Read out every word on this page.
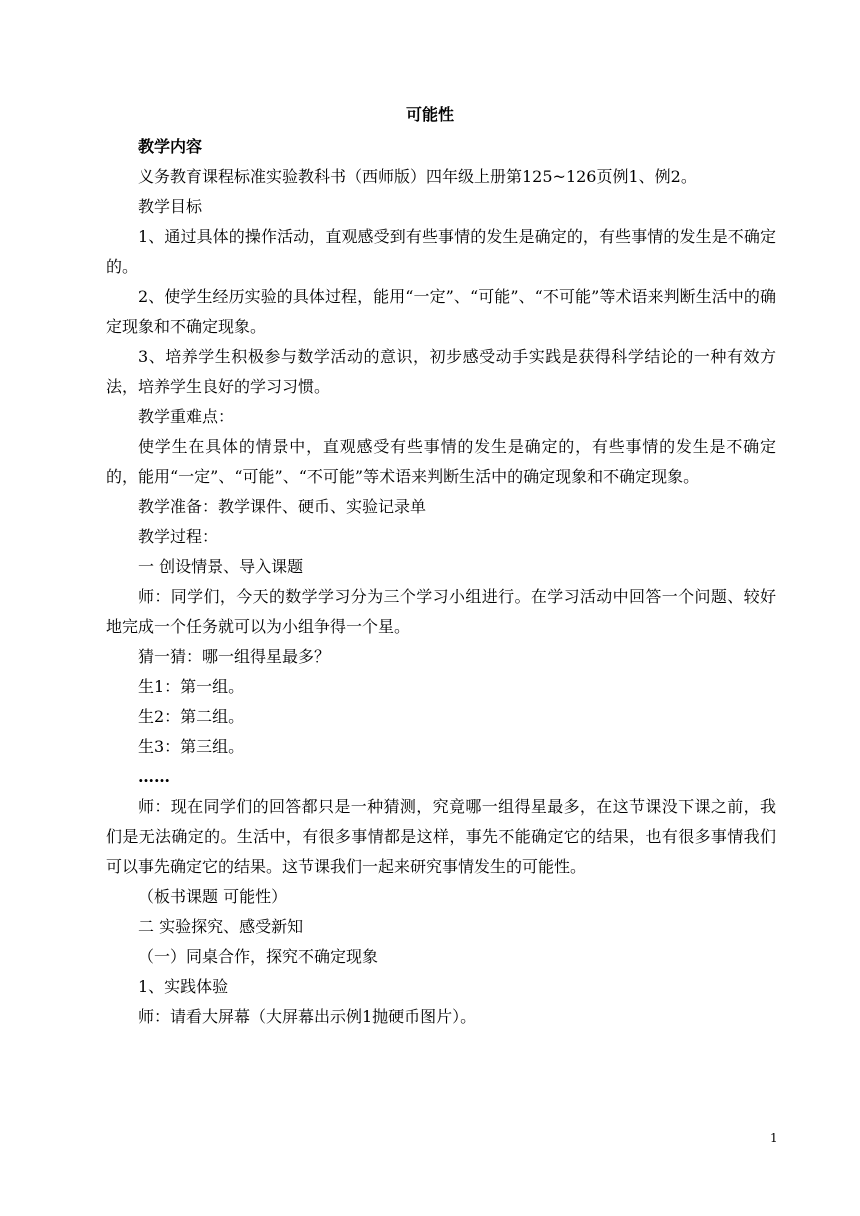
可能性

教学内容

义务教育课程标准实验教科书（西师版）四年级上册第125~126页例1、例2。

教学目标

1、通过具体的操作活动，直观感受到有些事情的发生是确定的，有些事情的发生是不确定的。

2、使学生经历实验的具体过程，能用“一定”、“可能”、“不可能”等术语来判断生活中的确定现象和不确定现象。

3、培养学生积极参与数学活动的意识，初步感受动手实践是获得科学结论的一种有效方法，培养学生良好的学习习惯。

教学重难点：

使学生在具体的情景中，直观感受有些事情的发生是确定的，有些事情的发生是不确定的，能用“一定”、“可能”、“不可能”等术语来判断生活中的确定现象和不确定现象。

教学准备：教学课件、硬币、实验记录单

教学过程：

一 创设情景、导入课题

师：同学们，今天的数学学习分为三个学习小组进行。在学习活动中回答一个问题、较好地完成一个任务就可以为小组争得一个星。

猜一猜：哪一组得星最多？

生1：第一组。

生2：第二组。

生3：第三组。

……

师：现在同学们的回答都只是一种猜测，究竟哪一组得星最多，在这节课没下课之前，我们是无法确定的。生活中，有很多事情都是这样，事先不能确定它的结果，也有很多事情我们可以事先确定它的结果。这节课我们一起来研究事情发生的可能性。

（板书课题 可能性）

二 实验探究、感受新知

（一）同桌合作，探究不确定现象

1、实践体验

师：请看大屏幕（大屏幕出示例1抛硬币图片）。

1
